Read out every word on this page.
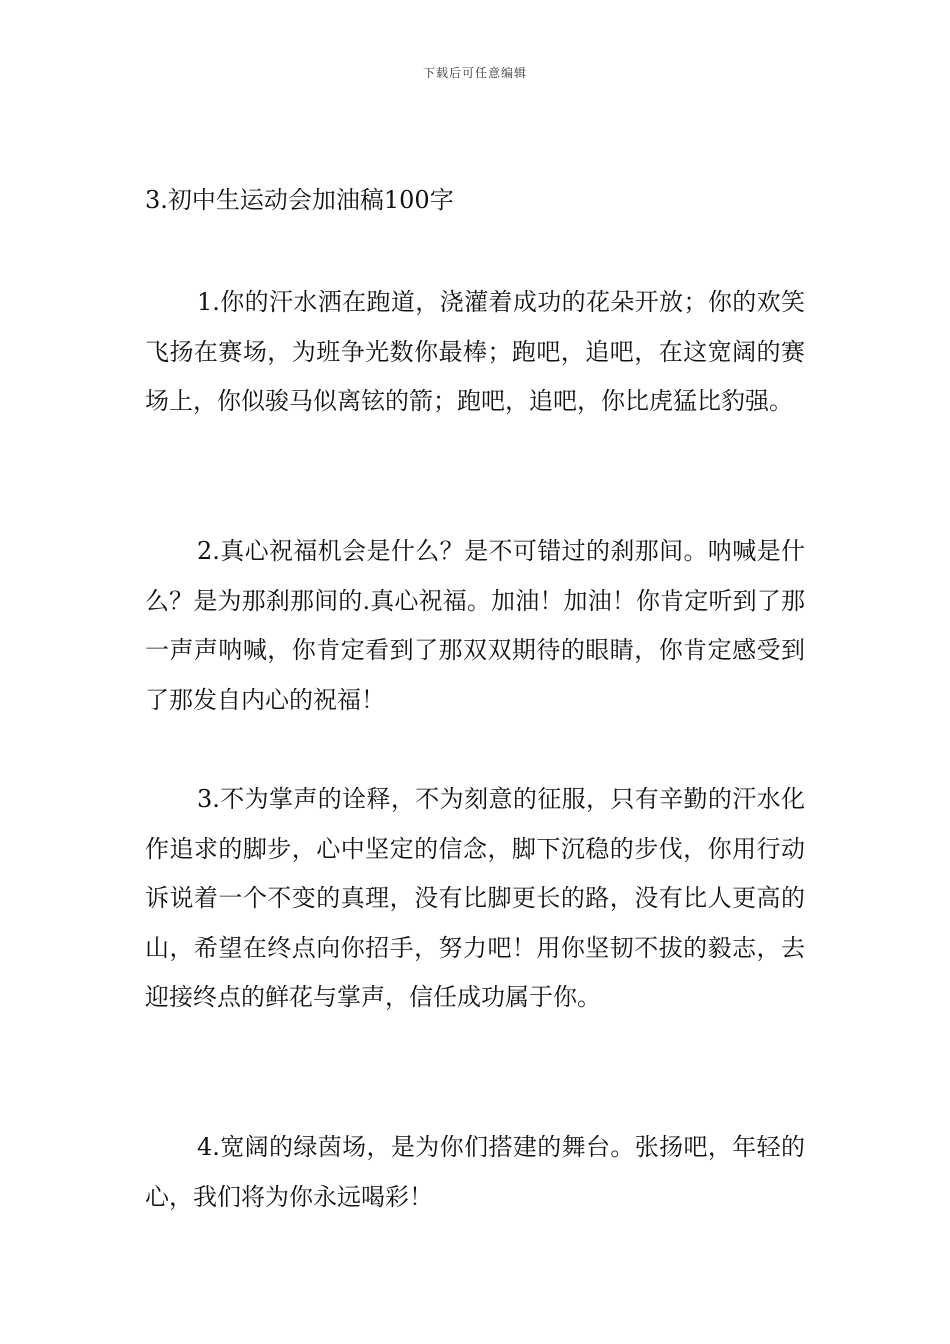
下载后可任意编辑
3.初中生运动会加油稿100字

1.你的汗水洒在跑道，浇灌着成功的花朵开放；你的欢笑飞扬在赛场，为班争光数你最棒；跑吧，追吧，在这宽阔的赛场上，你似骏马似离铉的箭；跑吧，追吧，你比虎猛比豹强。

2.真心祝福机会是什么？是不可错过的刹那间。呐喊是什么？是为那刹那间的.真心祝福。加油！加油！你肯定听到了那一声声呐喊，你肯定看到了那双双期待的眼睛，你肯定感受到了那发自内心的祝福！

3.不为掌声的诠释，不为刻意的征服，只有辛勤的汗水化作追求的脚步，心中坚定的信念，脚下沉稳的步伐，你用行动诉说着一个不变的真理，没有比脚更长的路，没有比人更高的山，希望在终点向你招手，努力吧！用你坚韧不拔的毅志，去迎接终点的鲜花与掌声，信任成功属于你。

4.宽阔的绿茵场，是为你们搭建的舞台。张扬吧，年轻的心，我们将为你永远喝彩！
